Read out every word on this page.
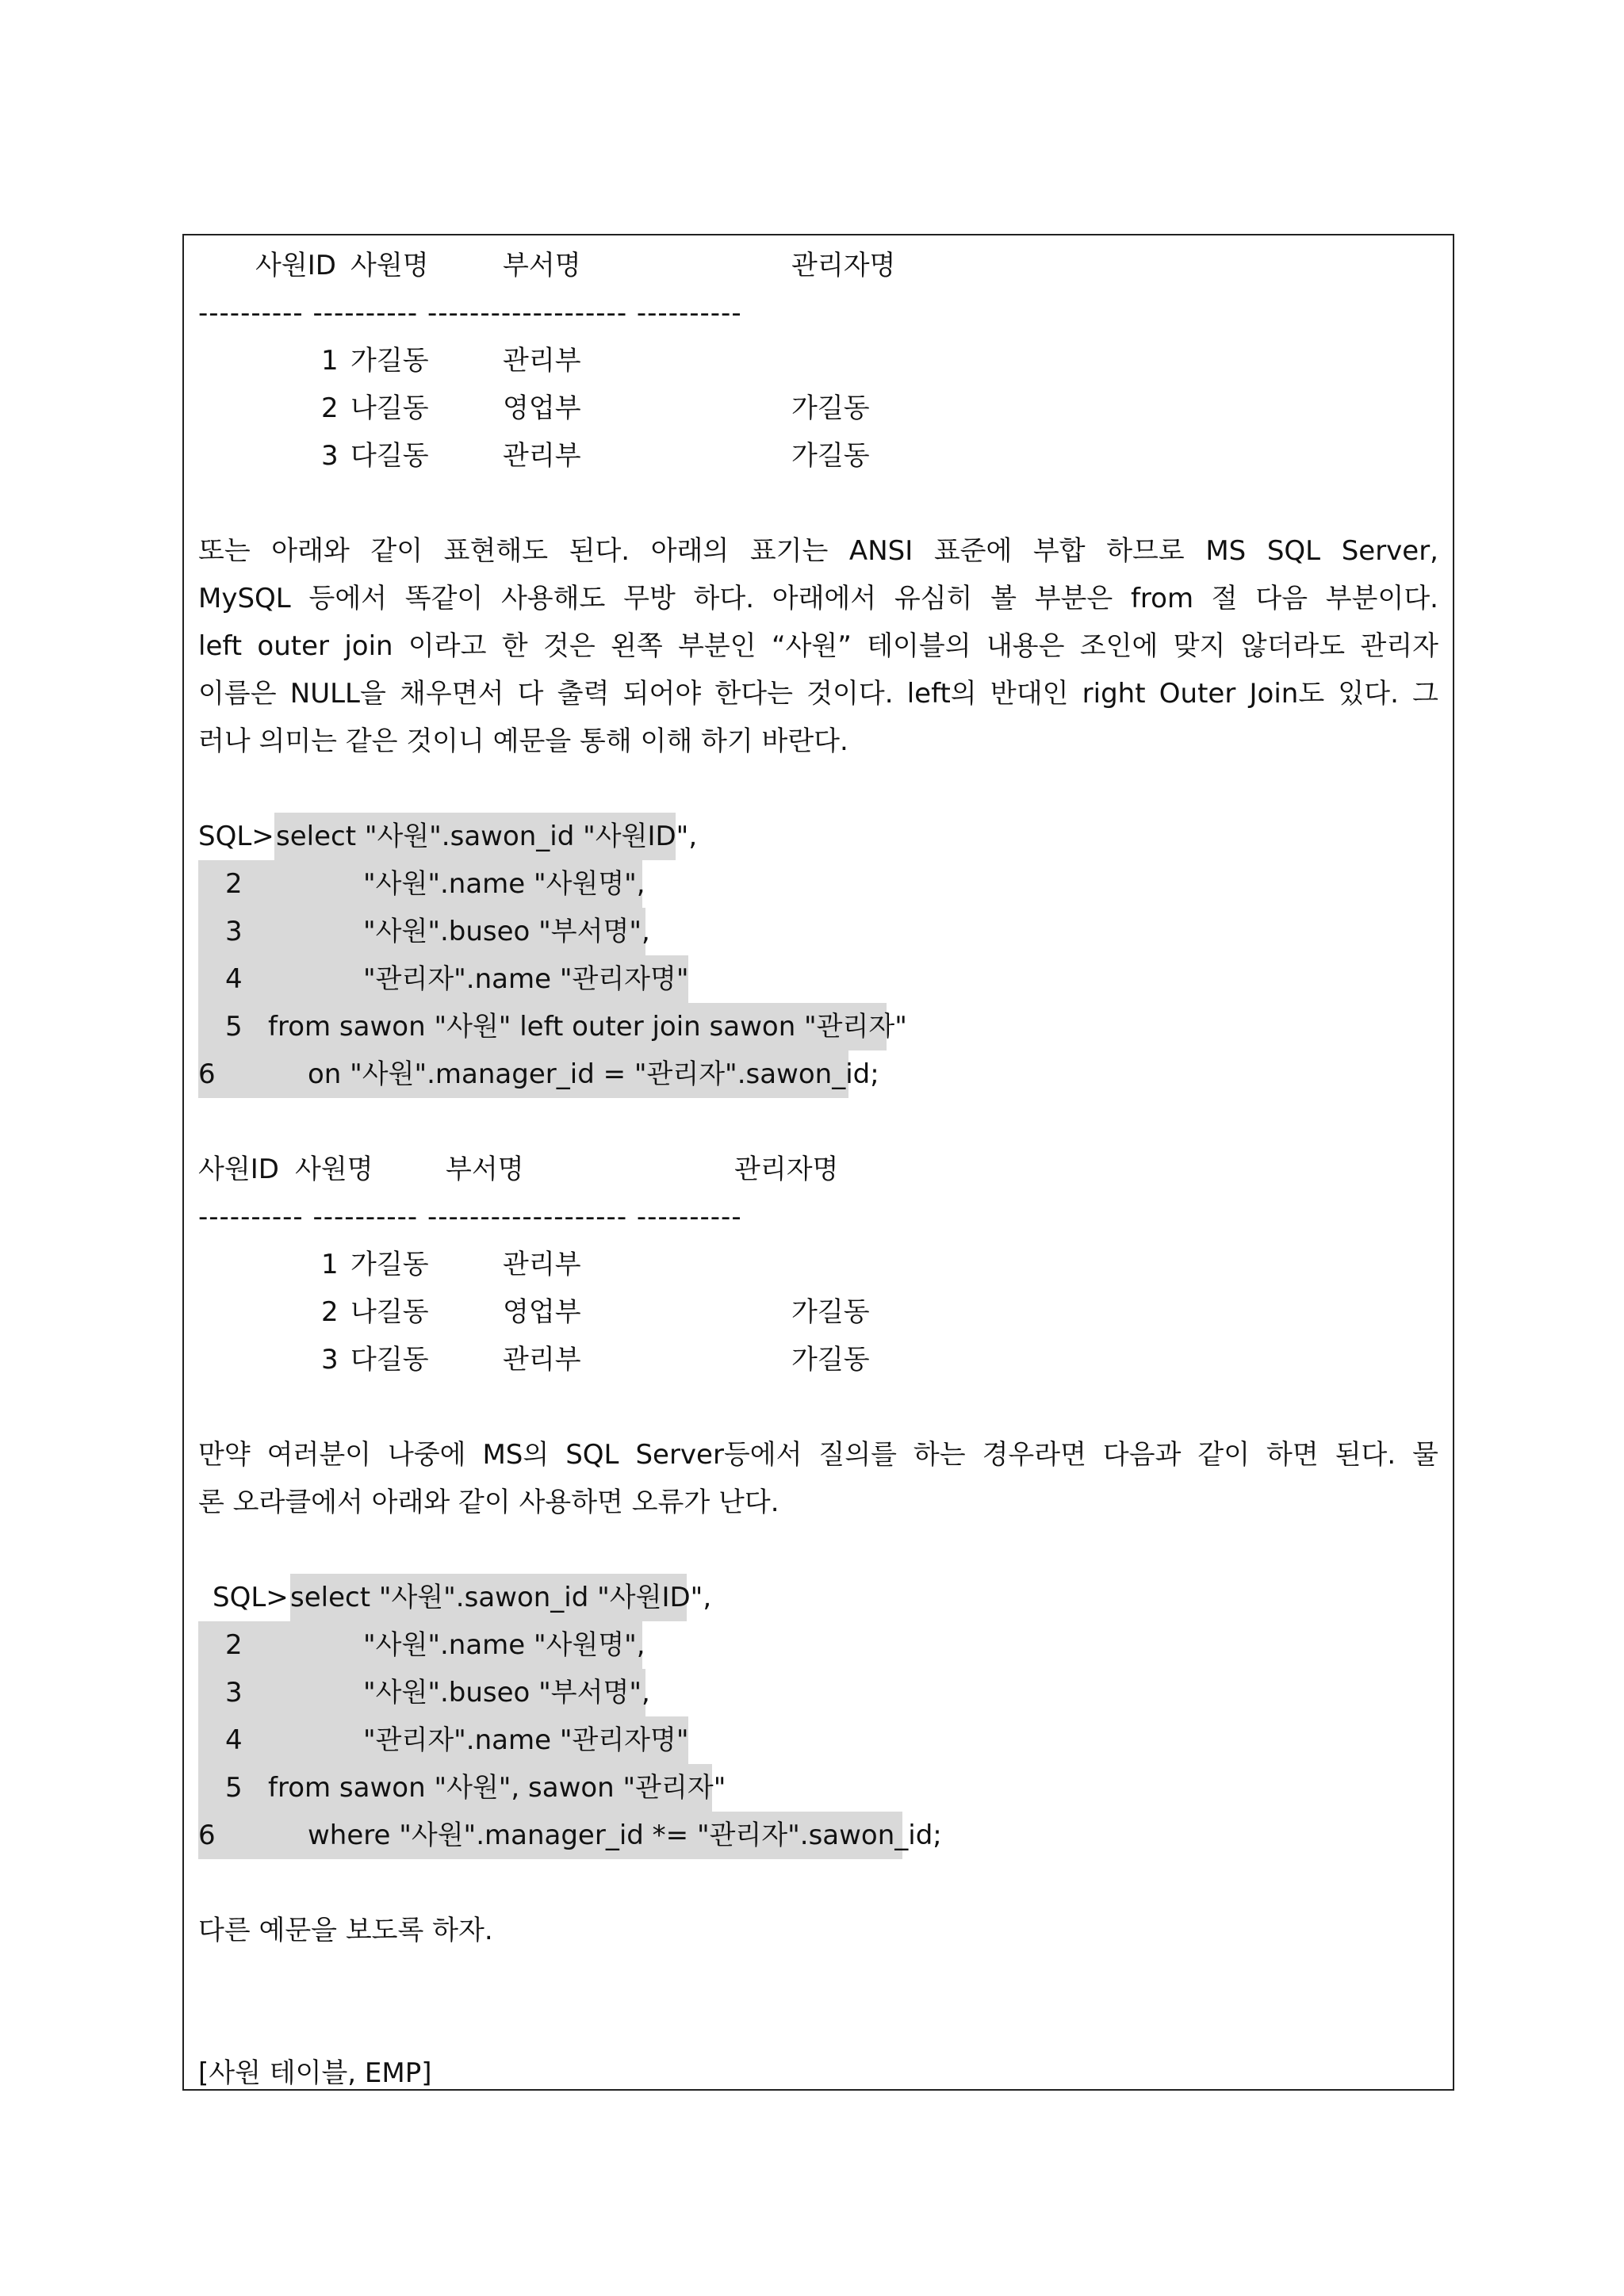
사원ID 사원명	부서명	관리자명
---------- ---------- ------------------- ----------
1 가길동	관리부
2 나길동	영업부	가길동
3 다길동	관리부	가길동
또는 아래와 같이 표현해도 된다. 아래의 표기는 ANSI 표준에 부합 하므로 MS SQL Server,
MySQL 등에서 똑같이 사용해도 무방 하다. 아래에서 유심히 볼 부분은 from 절 다음 부분이다.
left outer join 이라고 한 것은 왼쪽 부분인 “사원” 테이블의 내용은 조인에 맞지 않더라도 관리자
이름은 NULL을 채우면서 다 출력 되어야 한다는 것이다. left의 반대인 right Outer Join도 있다. 그
러나 의미는 같은 것이니 예문을 통해 이해 하기 바란다.
SQL> select "사원".sawon_id "사원ID",
2	"사원".name "사원명",
3	"사원".buseo "부서명",
4	"관리자".name "관리자명"
5 from sawon "사원" left outer join sawon "관리자"
6	on "사원".manager_id = "관리자".sawon_id;
사원ID 사원명	부서명	관리자명
---------- ---------- ------------------- ----------
1 가길동	관리부
2 나길동	영업부	가길동
3 다길동	관리부	가길동
만약 여러분이 나중에 MS의 SQL Server등에서 질의를 하는 경우라면 다음과 같이 하면 된다. 물
론 오라클에서 아래와 같이 사용하면 오류가 난다.
SQL> select "사원".sawon_id "사원ID",
2	"사원".name "사원명",
3	"사원".buseo "부서명",
4	"관리자".name "관리자명"
5 from sawon "사원", sawon "관리자"
6	where "사원".manager_id *= "관리자".sawon_id;
다른 예문을 보도록 하자.
[사원 테이블, EMP]
